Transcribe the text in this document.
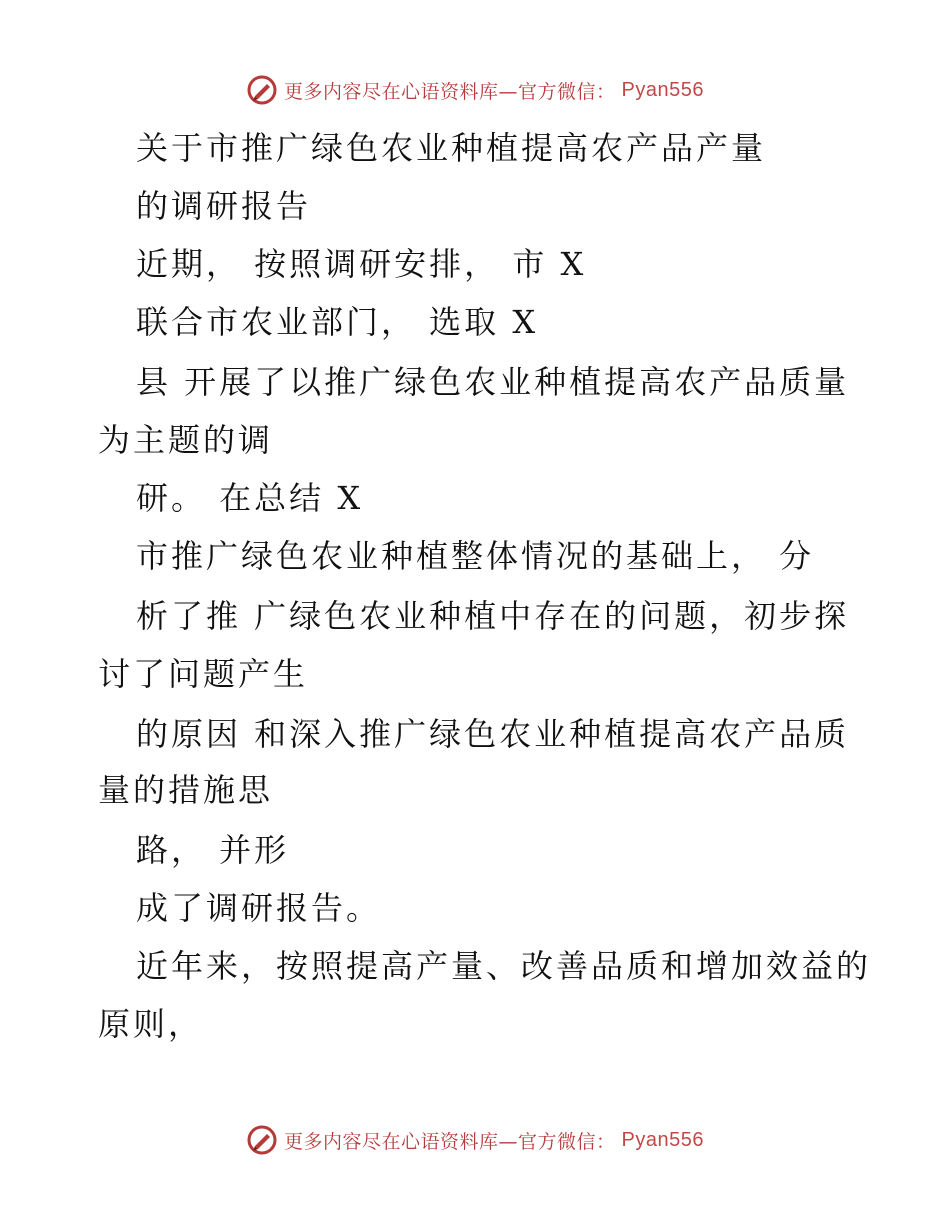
更多内容尽在心语资料库—官方微信： Pyan556
关于市推广绿色农业种植提高农产品产量
的调研报告
近期， 按照调研安排， 市 X
联合市农业部门， 选取 X
县 开展了以推广绿色农业种植提高农产品质量
为主题的调
研。 在总结 X
市推广绿色农业种植整体情况的基础上， 分
析了推 广绿色农业种植中存在的问题，初步探
讨了问题产生
的原因 和深入推广绿色农业种植提高农产品质
量的措施思
路， 并形
成了调研报告。
近年来，按照提高产量、改善品质和增加效益的
原则，
更多内容尽在心语资料库—官方微信： Pyan556
